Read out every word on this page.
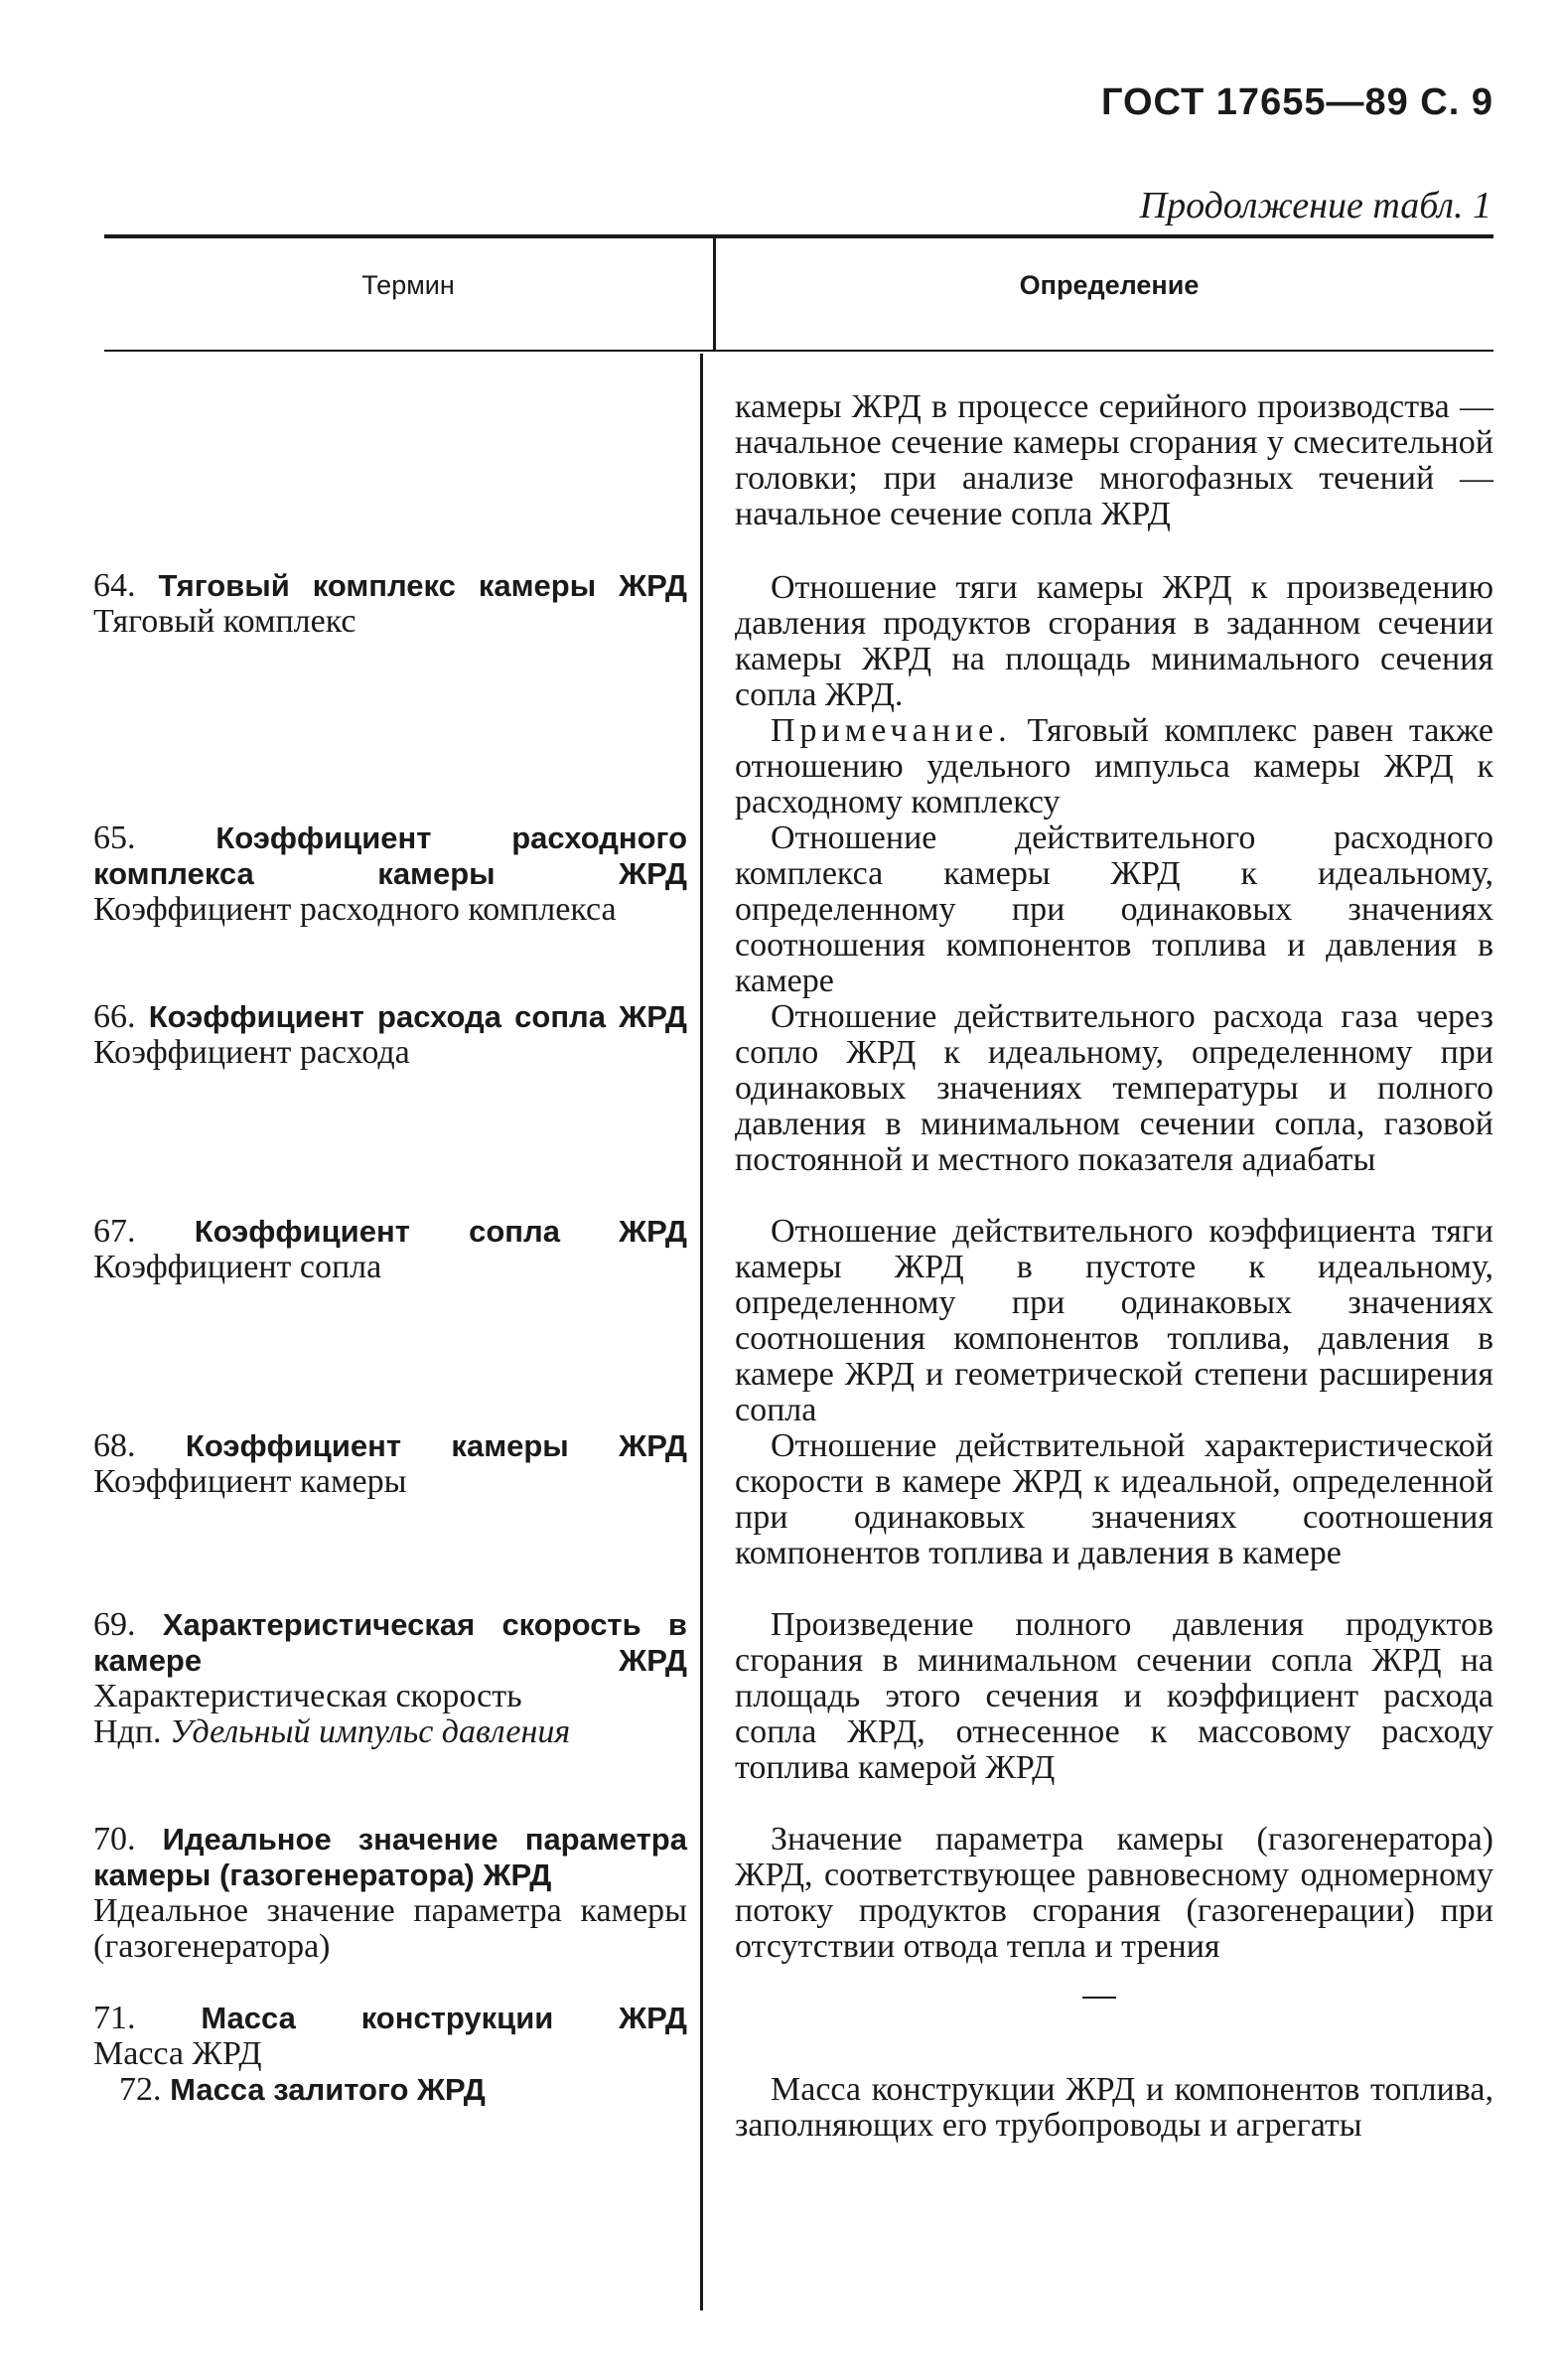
ГОСТ 17655—89 С. 9
Продолжение табл. 1
Термин	Определение
камеры ЖРД в процессе серийного производства — начальное сечение камеры сгорания у смесительной головки; при анализе многофазных течений — начальное сечение сопла ЖРД
Отношение тяги камеры ЖРД к произведению давления продуктов сгорания в заданном сечении камеры ЖРД на площадь минимального сечения сопла ЖРД.
Примечание. Тяговый комплекс равен также отношению удельного импульса камеры ЖРД к расходному комплексу
Отношение действительного расходного комплекса камеры ЖРД к идеальному, определенному при одинаковых значениях соотношения компонентов топлива и давления в камере
Отношение действительного расхода газа через сопло ЖРД к идеальному, определенному при одинаковых значениях температуры и полного давления в минимальном сечении сопла, газовой постоянной и местного показателя адиабаты
Отношение действительного коэффициента тяги камеры ЖРД в пустоте к идеальному, определенному при одинаковых значениях соотношения компонентов топлива, давления в камере ЖРД и геометрической степени расширения сопла
Отношение действительной характеристической скорости в камере ЖРД к идеальной, определенной при одинаковых значениях соотношения компонентов топлива и давления в камере
Произведение полного давления продуктов сгорания в минимальном сечении сопла ЖРД на площадь этого сечения и коэффициент расхода сопла ЖРД, отнесенное к массовому расходу топлива камерой ЖРД
Значение параметра камеры (газогенератора) ЖРД, соответствующее равновесному одномерному потоку продуктов сгорания (газогенерации) при отсутствии отвода тепла и трения
Масса конструкции ЖРД и компонентов топлива, заполняющих его трубопроводы и агрегаты
64. Тяговый комплекс камеры ЖРД
Тяговый комплекс
65.	Коэффициент расходного комплекса камеры ЖРД
Коэффициент расходного комплекса
66. Коэффициент расхода сопла ЖРД
Коэффициент расхода
67. Коэффициент сопла ЖРД
Коэффициент сопла
68. Коэффициент камеры ЖРД
Коэффициент камеры
69. Характеристическая скорость в камере ЖРД
Характеристическая скорость
Ндп. Удельный импульс давления
70. Идеальное значение параметра камеры (газогенератора) ЖРД
Идеальное значение параметра камеры (газогенератора)
71. Масса конструкции ЖРД
Масса ЖРД
72. Масса залитого ЖРД
